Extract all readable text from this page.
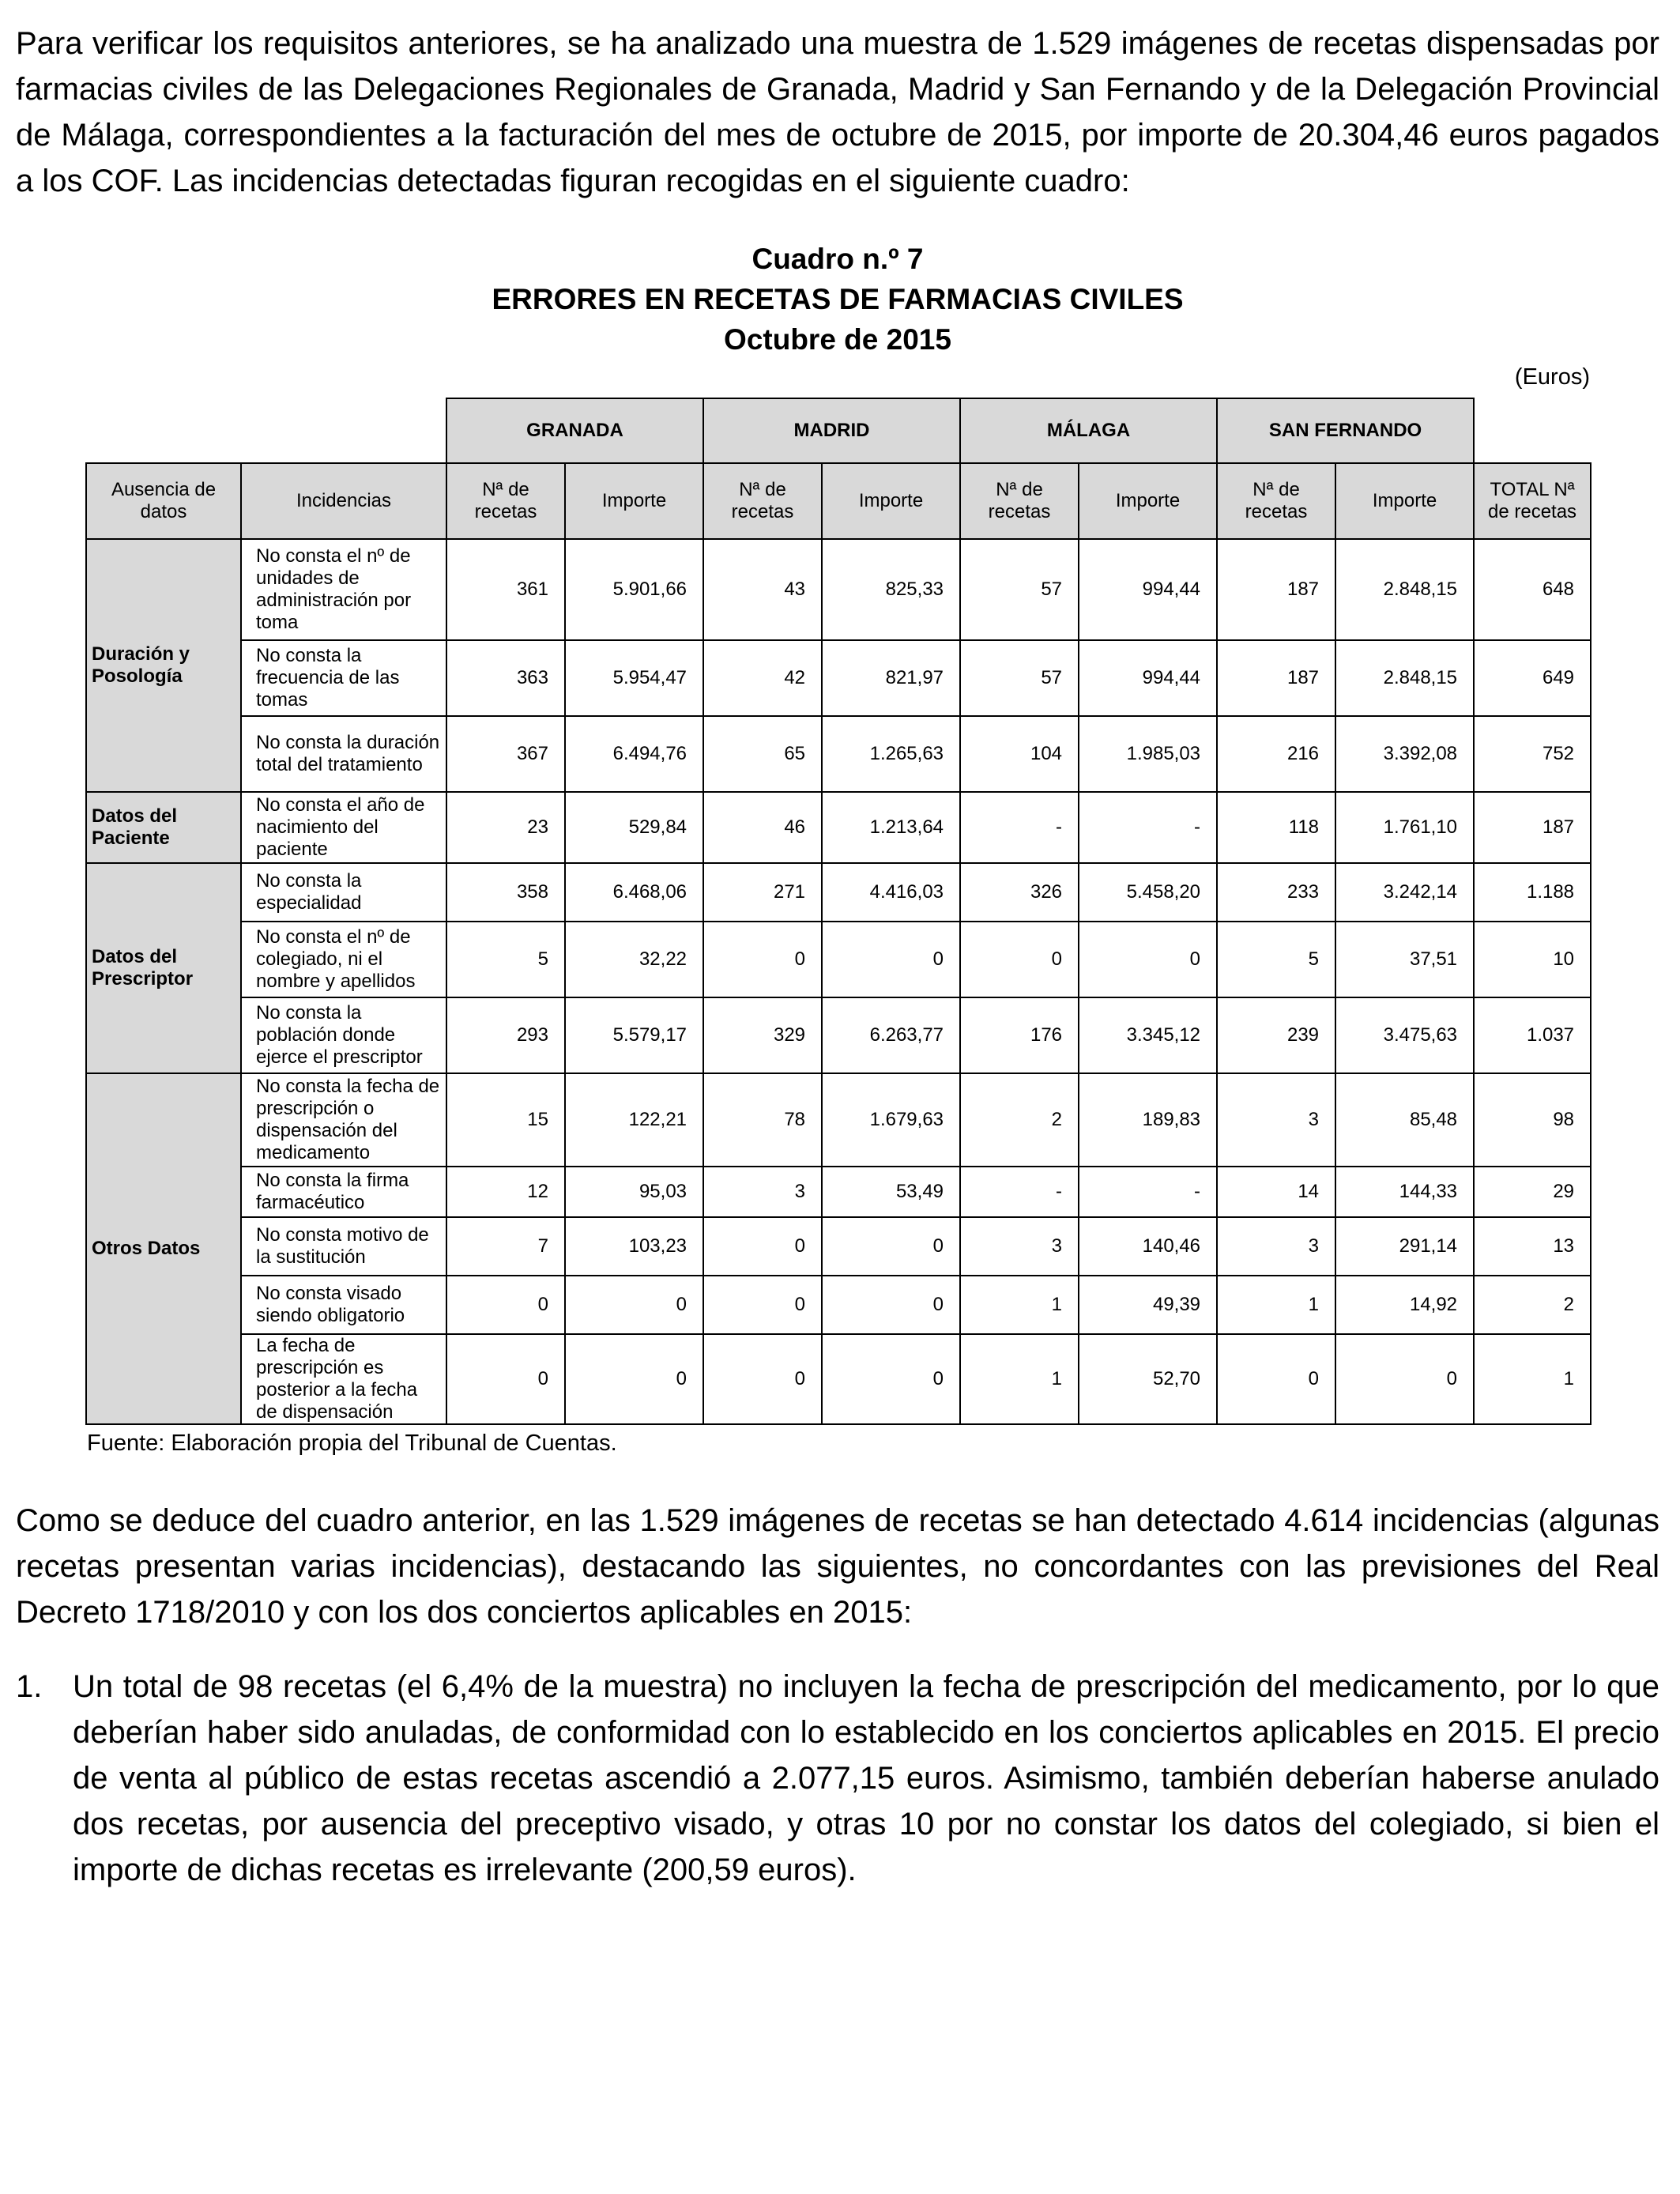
Para verificar los requisitos anteriores, se ha analizado una muestra de 1.529 imágenes de recetas dispensadas por farmacias civiles de las Delegaciones Regionales de Granada, Madrid y San Fernando y de la Delegación Provincial de Málaga, correspondientes a la facturación del mes de octubre de 2015, por importe de 20.304,46 euros pagados a los COF. Las incidencias detectadas figuran recogidas en el siguiente cuadro:

Cuadro n.º 7
ERRORES EN RECETAS DE FARMACIAS CIVILES
Octubre de 2015
(Euros)
		GRANADA		MADRID		MÁLAGA		SAN FERNANDO		
Ausencia de datos	Incidencias	Nª de recetas	Importe	Nª de recetas	Importe	Nª de recetas	Importe	Nª de recetas	Importe	TOTAL Nª de recetas
Duración y Posología	No consta el nº de unidades de administración por toma	361	5.901,66	43	825,33	57	994,44	187	2.848,15	648
	No consta la frecuencia de las tomas	363	5.954,47	42	821,97	57	994,44	187	2.848,15	649
	No consta la duración total del tratamiento	367	6.494,76	65	1.265,63	104	1.985,03	216	3.392,08	752
Datos del Paciente	No consta el año de nacimiento del paciente	23	529,84	46	1.213,64	-	-	118	1.761,10	187
Datos del Prescriptor	No consta la especialidad	358	6.468,06	271	4.416,03	326	5.458,20	233	3.242,14	1.188
	No consta el nº de colegiado, ni el nombre y apellidos	5	32,22	0	0	0	0	5	37,51	10
	No consta la población donde ejerce el prescriptor	293	5.579,17	329	6.263,77	176	3.345,12	239	3.475,63	1.037
Otros Datos	No consta la fecha de prescripción o dispensación del medicamento	15	122,21	78	1.679,63	2	189,83	3	85,48	98
	No consta la firma farmacéutico	12	95,03	3	53,49	-	-	14	144,33	29
	No consta motivo de la sustitución	7	103,23	0	0	3	140,46	3	291,14	13
	No consta visado siendo obligatorio	0	0	0	0	1	49,39	1	14,92	2
	La fecha de prescripción es posterior a la fecha de dispensación	0	0	0	0	1	52,70	0	0	1
Fuente: Elaboración propia del Tribunal de Cuentas.

Como se deduce del cuadro anterior, en las 1.529 imágenes de recetas se han detectado 4.614 incidencias (algunas recetas presentan varias incidencias), destacando las siguientes, no concordantes con las previsiones del Real Decreto 1718/2010 y con los dos conciertos aplicables en 2015:

1. Un total de 98 recetas (el 6,4% de la muestra) no incluyen la fecha de prescripción del medicamento, por lo que deberían haber sido anuladas, de conformidad con lo establecido en los conciertos aplicables en 2015. El precio de venta al público de estas recetas ascendió a 2.077,15 euros. Asimismo, también deberían haberse anulado dos recetas, por ausencia del preceptivo visado, y otras 10 por no constar los datos del colegiado, si bien el importe de dichas recetas es irrelevante (200,59 euros).
